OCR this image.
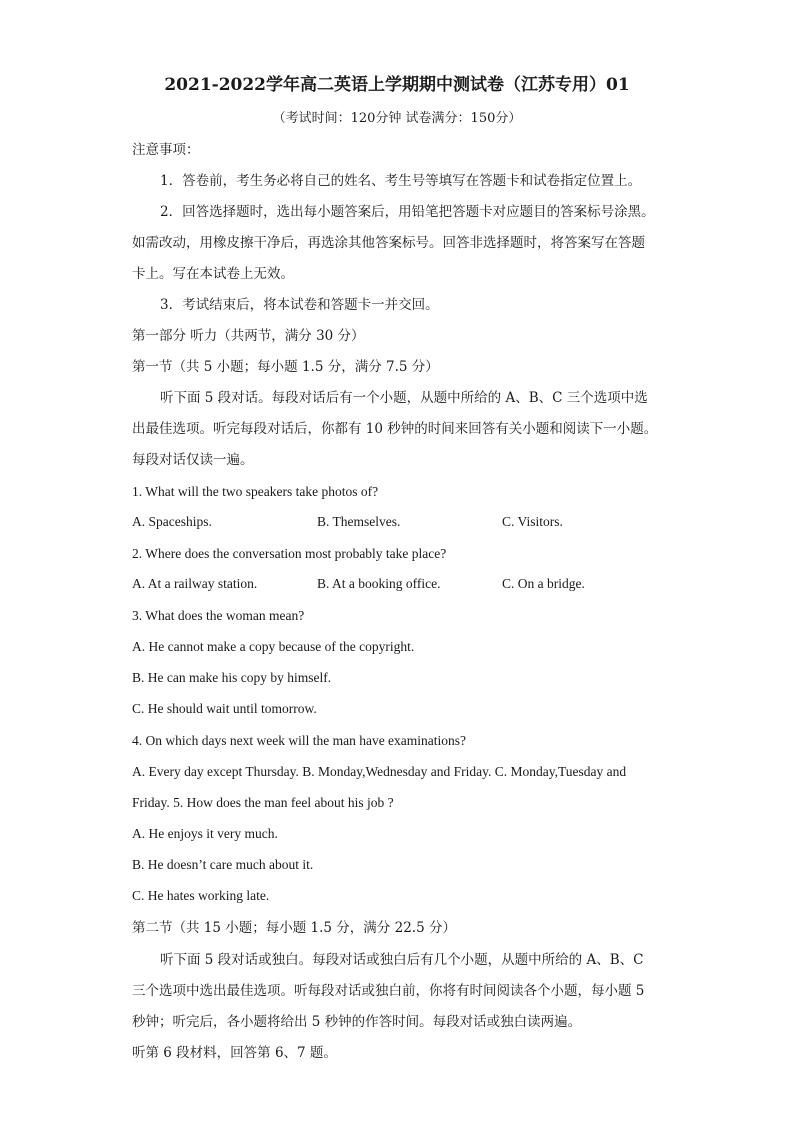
2021-2022学年高二英语上学期期中测试卷（江苏专用）01
（考试时间：120分钟 试卷满分：150分）
注意事项：
1．答卷前，考生务必将自己的姓名、考生号等填写在答题卡和试卷指定位置上。
2．回答选择题时，选出每小题答案后，用铅笔把答题卡对应题目的答案标号涂黑。
如需改动，用橡皮擦干净后，再选涂其他答案标号。回答非选择题时，将答案写在答题
卡上。写在本试卷上无效。
3．考试结束后，将本试卷和答题卡一并交回。
第一部分 听力（共两节，满分 30 分）
第一节（共 5 小题；每小题 1.5 分，满分 7.5 分）
听下面 5 段对话。每段对话后有一个小题，从题中所给的 A、B、C 三个选项中选
出最佳选项。听完每段对话后，你都有 10 秒钟的时间来回答有关小题和阅读下一小题。
每段对话仅读一遍。
1. What will the two speakers take photos of?
A. Spaceships.	B. Themselves.	C. Visitors.
2. Where does the conversation most probably take place?
A. At a railway station.	B. At a booking office.	C. On a bridge.
3. What does the woman mean?
A. He cannot make a copy because of the copyright.
B. He can make his copy by himself.
C. He should wait until tomorrow.
4. On which days next week will the man have examinations?
A. Every day except Thursday. B. Monday,Wednesday and Friday. C. Monday,Tuesday and
Friday. 5. How does the man feel about his job ?
A. He enjoys it very much.
B. He doesn’t care much about it.
C. He hates working late.
第二节（共 15 小题；每小题 1.5 分，满分 22.5 分）
听下面 5 段对话或独白。每段对话或独白后有几个小题，从题中所给的 A、B、C
三个选项中选出最佳选项。听每段对话或独白前，你将有时间阅读各个小题，每小题 5
秒钟；听完后，各小题将给出 5 秒钟的作答时间。每段对话或独白读两遍。
听第 6 段材料，回答第 6、7 题。
